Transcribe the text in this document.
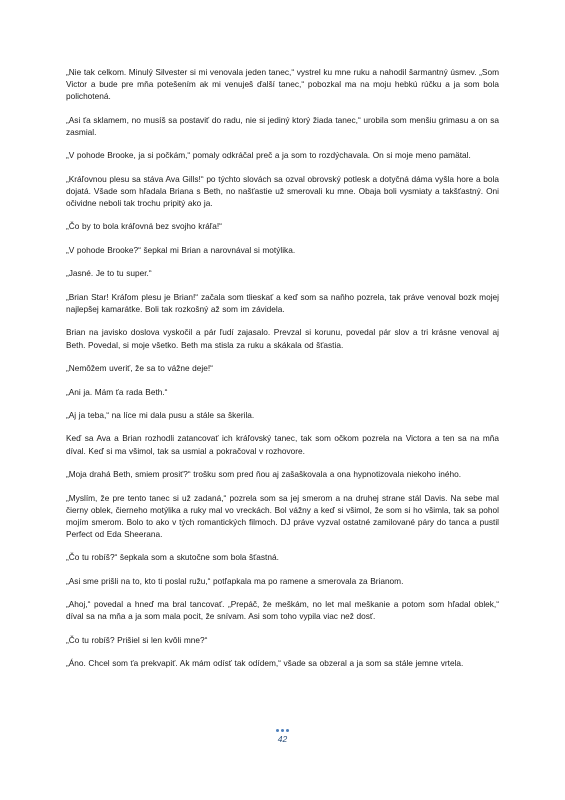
„Nie tak celkom. Minulý Silvester si mi venovala jeden tanec,“ vystrel ku mne ruku a nahodil šarmantný úsmev. „Som Victor a bude pre mňa potešením ak mi venuješ ďalší tanec,“ pobozkal ma na moju hebkú rúčku a ja som bola polichotená.

„Asi ťa sklamem, no musíš sa postaviť do radu, nie si jediný ktorý žiada tanec,“ urobila som menšiu grimasu a on sa zasmial.

„V pohode Brooke, ja si počkám,“ pomaly odkráčal preč a ja som to rozdýchavala. On si moje meno pamätal.

„Kráľovnou plesu sa stáva Ava Gills!“ po týchto slovách sa ozval obrovský potlesk a dotyčná dáma vyšla hore a bola dojatá. Všade som hľadala Briana s Beth, no našťastie už smerovali ku mne. Obaja boli vysmiaty a takšťastný. Oni očividne neboli tak trochu pripitý ako ja.

„Čo by to bola kráľovná bez svojho kráľa!“

„V pohode Brooke?“ šepkal mi Brian a narovnával si motýlika.

„Jasné. Je to tu super.“

„Brian Star! Kráľom plesu je Brian!“ začala som tlieskať a keď som sa naňho pozrela, tak práve venoval bozk mojej najlepšej kamarátke. Boli tak rozkošný až som im závidela.

Brian na javisko doslova vyskočil a pár ľudí zajasalo. Prevzal si korunu, povedal pár slov a tri krásne venoval aj Beth. Povedal, si moje všetko. Beth ma stisla za ruku a skákala od šťastia.

„Nemôžem uveriť, že sa to vážne deje!“

„Ani ja. Mám ťa rada Beth.“

„Aj ja teba,“ na líce mi dala pusu a stále sa škerila.

Keď sa Ava a Brian rozhodli zatancovať ich kráľovský tanec, tak som očkom pozrela na Victora a ten sa na mňa díval. Keď si ma všimol, tak sa usmial a pokračoval v rozhovore.

„Moja drahá Beth, smiem prosiť?“ trošku som pred ňou aj zašaškovala a ona hypnotizovala niekoho iného.

„Myslím, že pre tento tanec si už zadaná,“ pozrela som sa jej smerom a na druhej strane stál Davis. Na sebe mal čierny oblek, čierneho motýlika a ruky mal vo vreckách. Bol vážny a keď si všimol, že som si ho všimla, tak sa pohol mojím smerom. Bolo to ako v tých romantických filmoch. DJ práve vyzval ostatné zamilované páry do tanca a pustil Perfect od Eda Sheerana.

„Čo tu robíš?“ šepkala som a skutočne som bola šťastná.

„Asi sme prišli na to, kto ti poslal ružu,“ potľapkala ma po ramene a smerovala za Brianom.

„Ahoj,“ povedal a hneď ma bral tancovať. „Prepáč, že meškám, no let mal meškanie a potom som hľadal oblek,“ díval sa na mňa a ja som mala pocit, že snívam. Asi som toho vypila viac než dosť.

„Čo tu robíš? Prišiel si len kvôli mne?“

„Áno. Chcel som ťa prekvapiť. Ak mám odísť tak odídem,“ všade sa obzeral a ja som sa stále jemne vrtela.

42
